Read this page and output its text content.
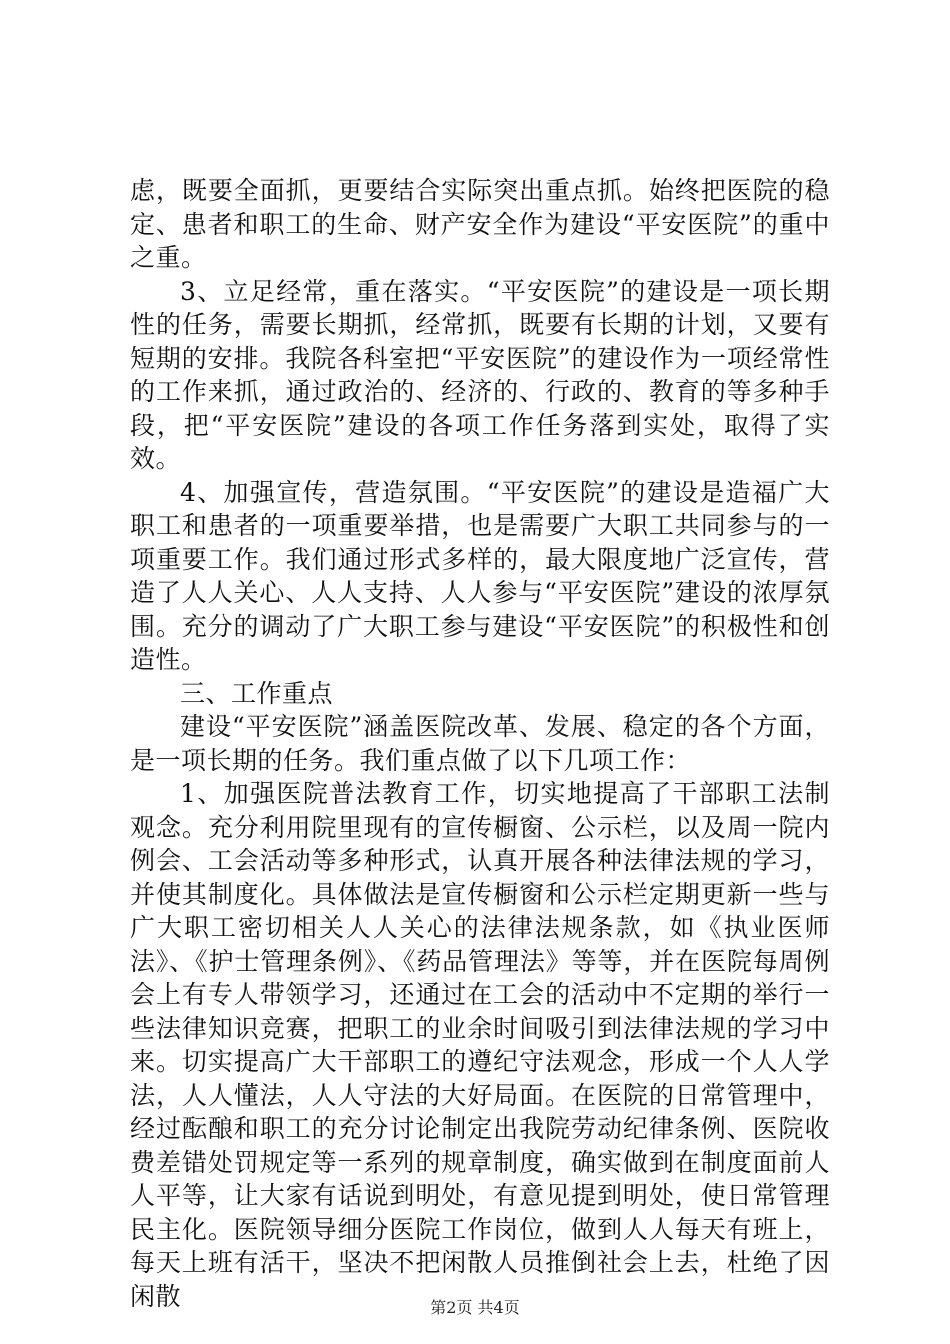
虑，既要全面抓，更要结合实际突出重点抓。始终把医院的稳定、患者和职工的生命、财产安全作为建设“平安医院”的重中之重。

3、立足经常，重在落实。“平安医院”的建设是一项长期性的任务，需要长期抓，经常抓，既要有长期的计划，又要有短期的安排。我院各科室把“平安医院”的建设作为一项经常性的工作来抓，通过政治的、经济的、行政的、教育的等多种手段，把“平安医院”建设的各项工作任务落到实处，取得了实效。

4、加强宣传，营造氛围。“平安医院”的建设是造福广大职工和患者的一项重要举措，也是需要广大职工共同参与的一项重要工作。我们通过形式多样的，最大限度地广泛宣传，营造了人人关心、人人支持、人人参与“平安医院”建设的浓厚氛围。充分的调动了广大职工参与建设“平安医院”的积极性和创造性。

三、工作重点

建设“平安医院”涵盖医院改革、发展、稳定的各个方面，是一项长期的任务。我们重点做了以下几项工作：

1、加强医院普法教育工作，切实地提高了干部职工法制观念。充分利用院里现有的宣传橱窗、公示栏，以及周一院内例会、工会活动等多种形式，认真开展各种法律法规的学习，并使其制度化。具体做法是宣传橱窗和公示栏定期更新一些与广大职工密切相关人人关心的法律法规条款，如《执业医师法》、《护士管理条例》、《药品管理法》等等，并在医院每周例会上有专人带领学习，还通过在工会的活动中不定期的举行一些法律知识竞赛，把职工的业余时间吸引到法律法规的学习中来。切实提高广大干部职工的遵纪守法观念，形成一个人人学法，人人懂法，人人守法的大好局面。在医院的日常管理中，经过酝酿和职工的充分讨论制定出我院劳动纪律条例、医院收费差错处罚规定等一系列的规章制度，确实做到在制度面前人人平等，让大家有话说到明处，有意见提到明处，使日常管理民主化。医院领导细分医院工作岗位，做到人人每天有班上，每天上班有活干，坚决不把闲散人员推倒社会上去，杜绝了因闲散	第2页 共4页
